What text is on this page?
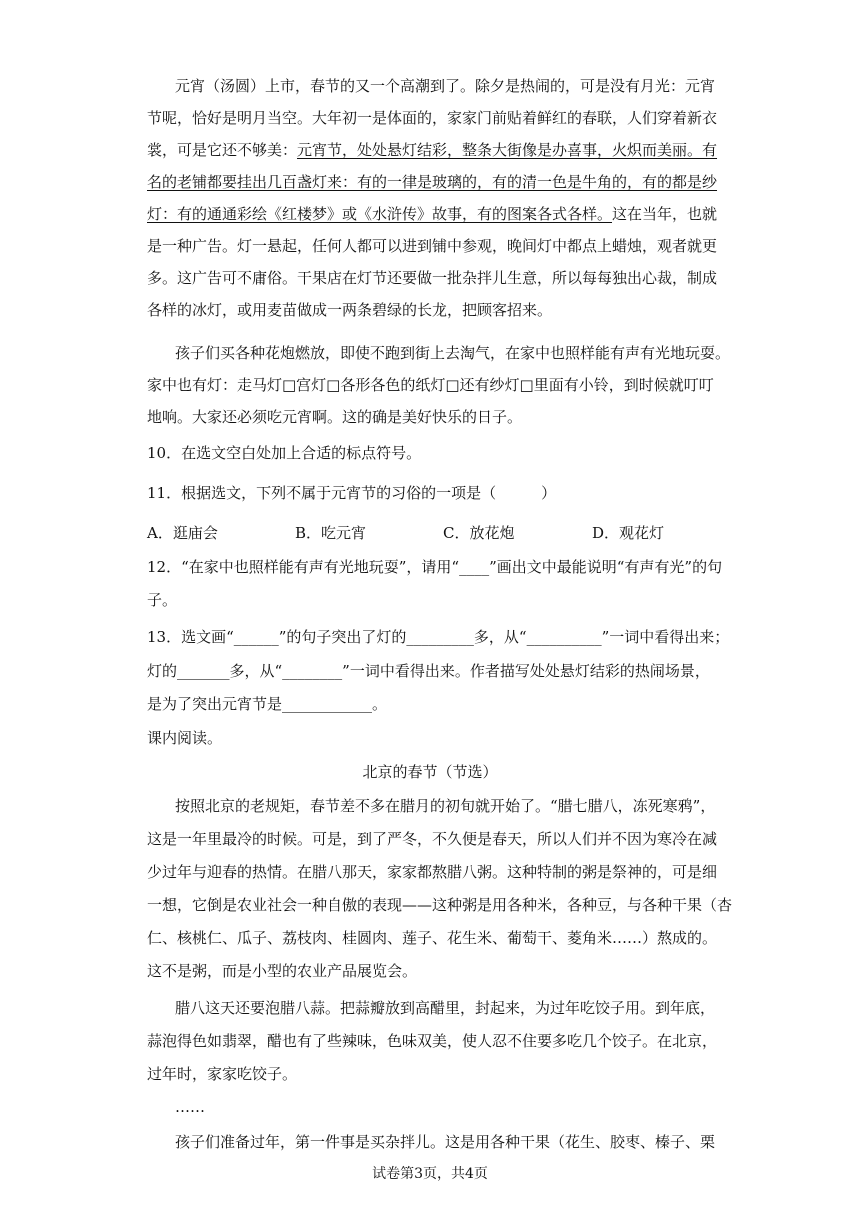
元宵（汤圆）上市，春节的又一个高潮到了。除夕是热闹的，可是没有月光：元宵
节呢，恰好是明月当空。大年初一是体面的，家家门前贴着鲜红的春联，人们穿着新衣
裳，可是它还不够美：元宵节，处处悬灯结彩，整条大街像是办喜事，火炽而美丽。有
名的老铺都要挂出几百盏灯来：有的一律是玻璃的，有的清一色是牛角的，有的都是纱
灯：有的通通彩绘《红楼梦》或《水浒传》故事，有的图案各式各样。这在当年，也就
是一种广告。灯一悬起，任何人都可以进到铺中参观，晚间灯中都点上蜡烛，观者就更
多。这广告可不庸俗。干果店在灯节还要做一批杂拌儿生意，所以每每独出心裁，制成
各样的冰灯，或用麦苗做成一两条碧绿的长龙，把顾客招来。
孩子们买各种花炮燃放，即使不跑到街上去淘气，在家中也照样能有声有光地玩耍。
家中也有灯：走马灯□宫灯□各形各色的纸灯□还有纱灯□里面有小铃，到时候就叮叮
地响。大家还必须吃元宵啊。这的确是美好快乐的日子。
10．在选文空白处加上合适的标点符号。
11．根据选文，下列不属于元宵节的习俗的一项是（　　　）
A．逛庙会	B．吃元宵	C．放花炮	D．观花灯
12．“在家中也照样能有声有光地玩耍”，请用“____”画出文中最能说明“有声有光”的句
子。
13．选文画“______”的句子突出了灯的_________多，从“__________”一词中看得出来；
灯的_______多，从“________”一词中看得出来。作者描写处处悬灯结彩的热闹场景，
是为了突出元宵节是____________。
课内阅读。
北京的春节（节选）
按照北京的老规矩，春节差不多在腊月的初旬就开始了。“腊七腊八，冻死寒鸦”，
这是一年里最冷的时候。可是，到了严冬，不久便是春天，所以人们并不因为寒冷在减
少过年与迎春的热情。在腊八那天，家家都熬腊八粥。这种特制的粥是祭神的，可是细
一想，它倒是农业社会一种自傲的表现——这种粥是用各种米，各种豆，与各种干果（杏
仁、核桃仁、瓜子、荔枝肉、桂圆肉、莲子、花生米、葡萄干、菱角米……）熬成的。
这不是粥，而是小型的农业产品展览会。
腊八这天还要泡腊八蒜。把蒜瓣放到高醋里，封起来，为过年吃饺子用。到年底，
蒜泡得色如翡翠，醋也有了些辣味，色味双美，使人忍不住要多吃几个饺子。在北京，
过年时，家家吃饺子。
……
孩子们准备过年，第一件事是买杂拌儿。这是用各种干果（花生、胶枣、榛子、栗
试卷第3页，共4页
